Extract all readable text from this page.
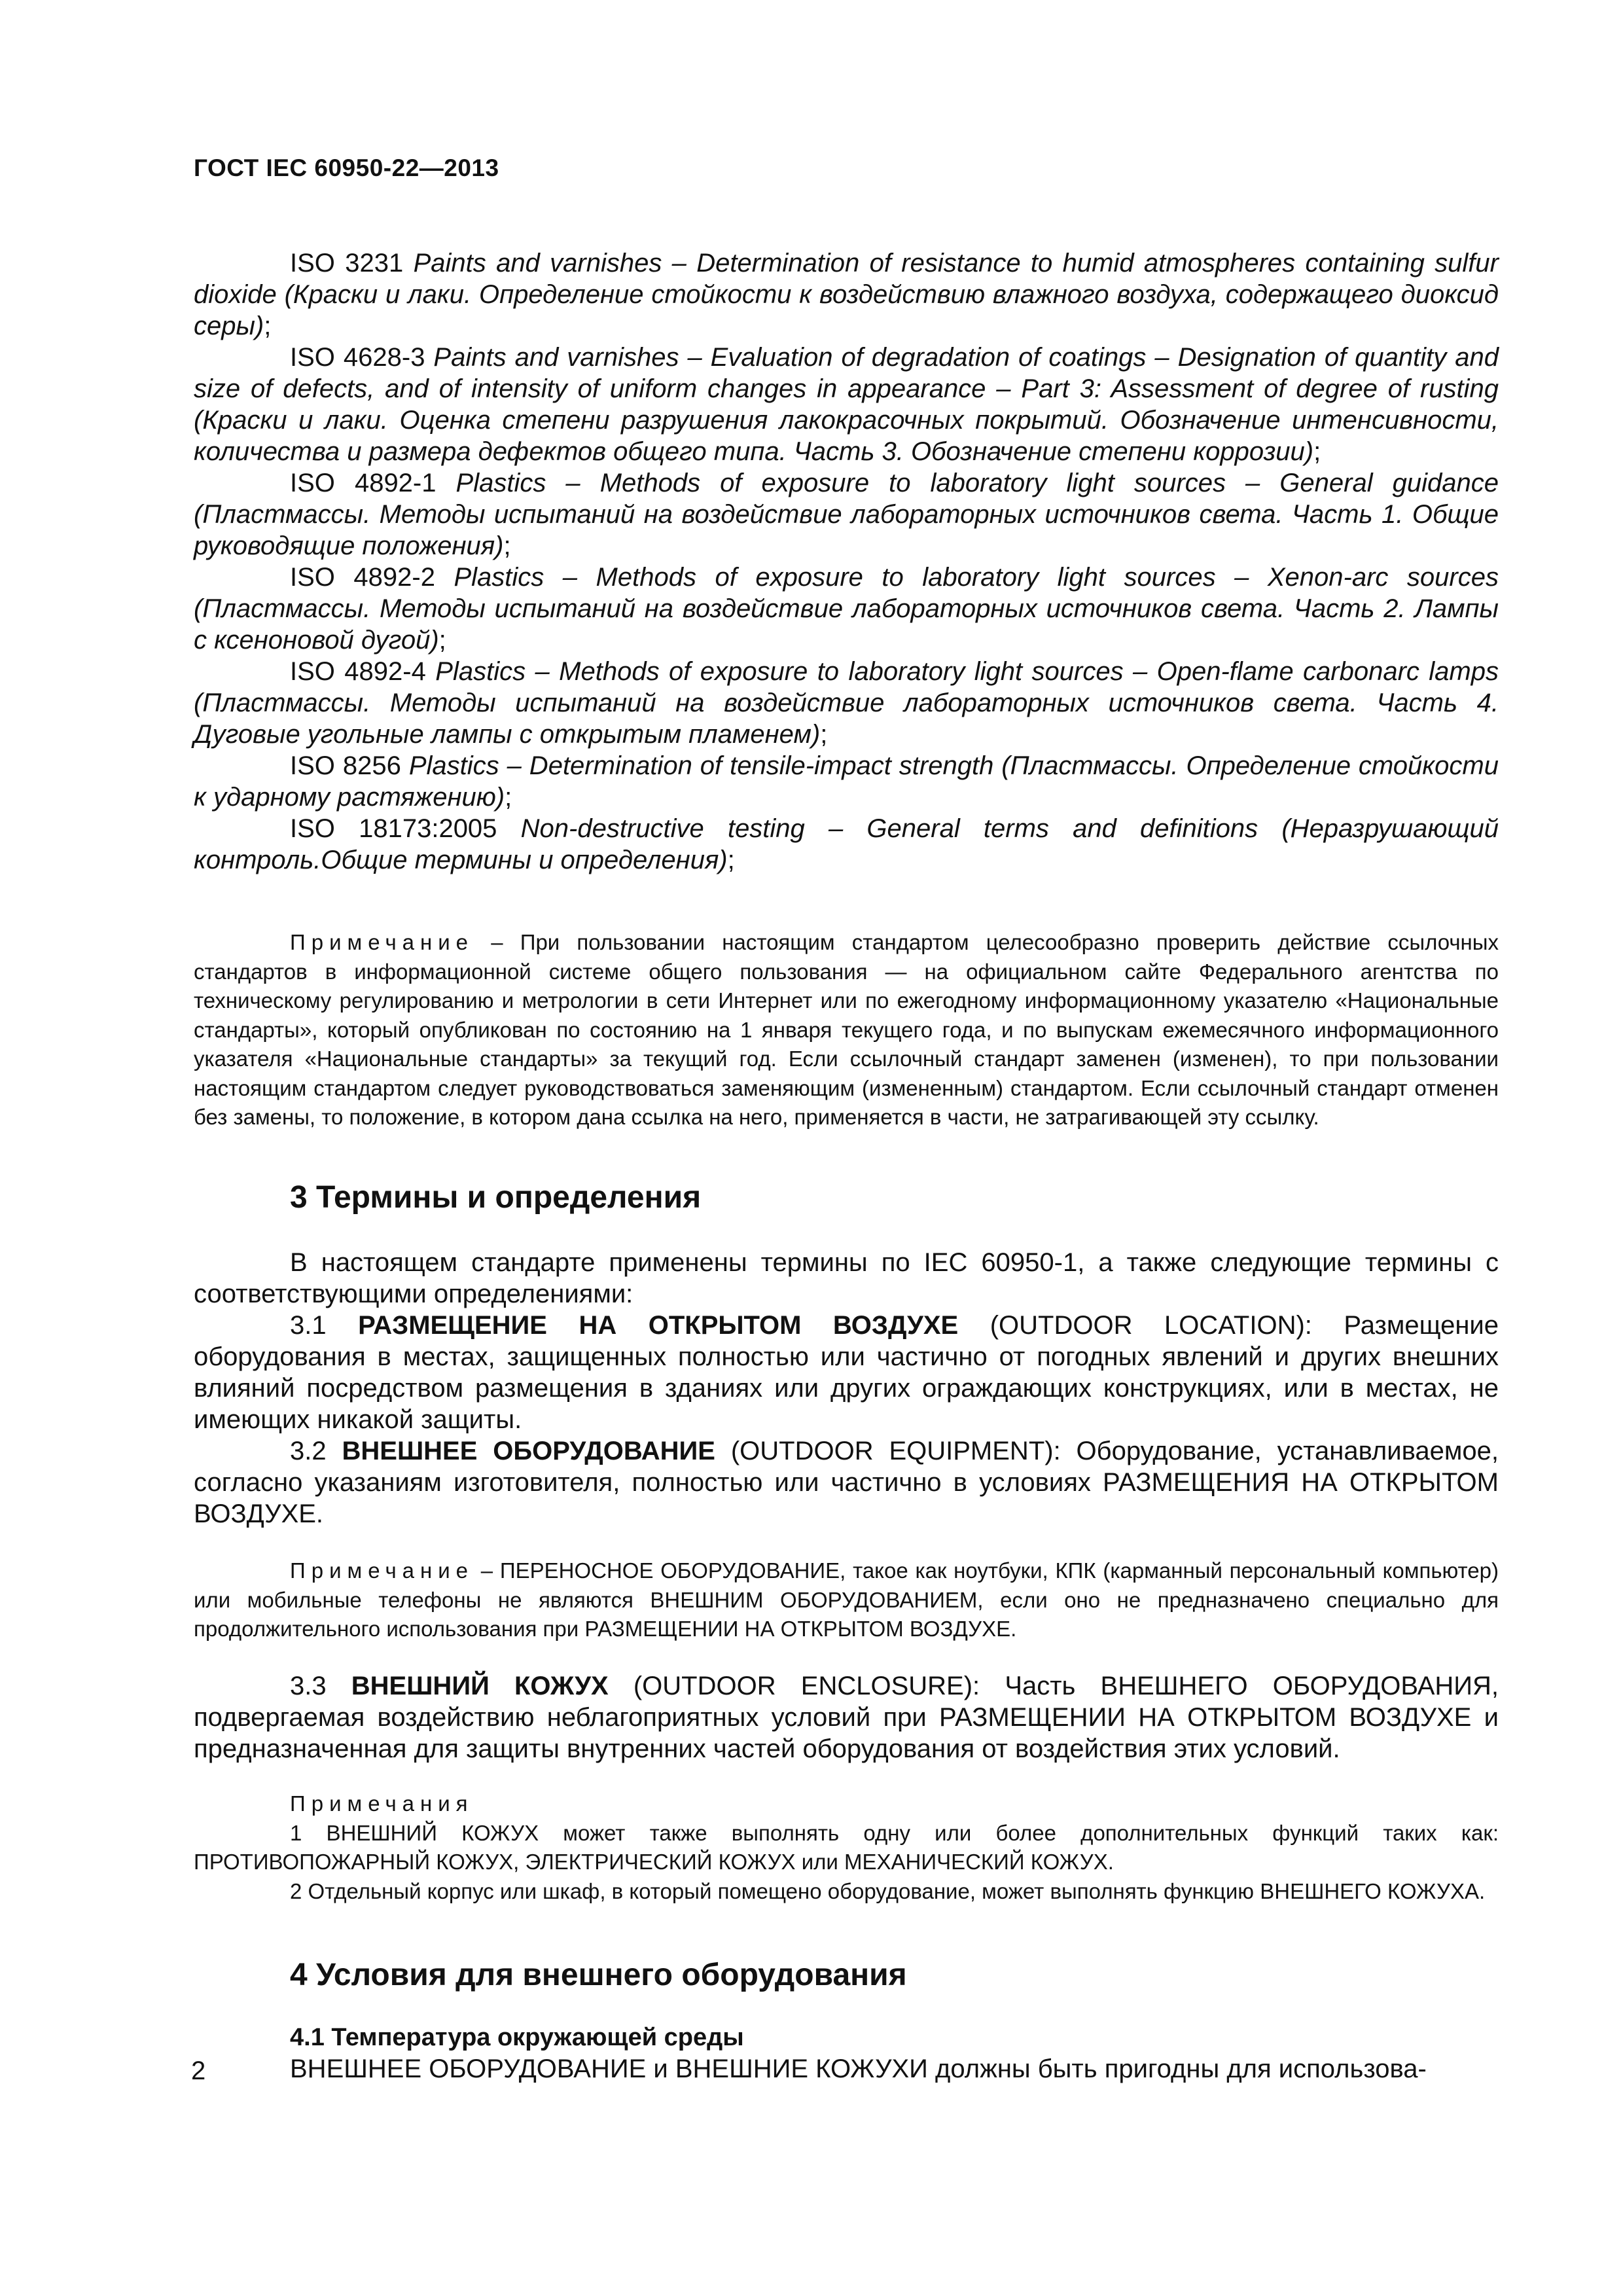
ГОСТ IEC 60950-22—2013

ISO 3231 Paints and varnishes – Determination of resistance to humid atmospheres containing sulfur dioxide (Краски и лаки. Определение стойкости к воздействию влажного воздуха, содержащего диоксид серы);

ISO 4628-3 Paints and varnishes – Evaluation of degradation of coatings – Designation of quantity and size of defects, and of intensity of uniform changes in appearance – Part 3: Assessment of degree of rusting (Краски и лаки. Оценка степени разрушения лакокрасочных покрытий. Обозначение интенсивности, количества и размера дефектов общего типа. Часть 3. Обозначение степени коррозии);

ISO 4892-1 Plastics – Methods of exposure to laboratory light sources – General guidance (Пластмассы. Методы испытаний на воздействие лабораторных источников света. Часть 1. Общие руководящие положения);

ISO 4892-2 Plastics – Methods of exposure to laboratory light sources – Xenon-arc sources (Пластмассы. Методы испытаний на воздействие лабораторных источников света. Часть 2. Лампы с ксеноновой дугой);

ISO 4892-4 Plastics – Methods of exposure to laboratory light sources – Open-flame carbonarc lamps (Пластмассы. Методы испытаний на воздействие лабораторных источников света. Часть 4. Дуговые угольные лампы с открытым пламенем);

ISO 8256 Plastics – Determination of tensile-impact strength (Пластмассы. Определение стойкости к ударному растяжению);

ISO 18173:2005 Non-destructive testing – General terms and definitions (Неразрушающий контроль.Общие термины и определения);

Примечание – При пользовании настоящим стандартом целесообразно проверить действие ссылочных стандартов в информационной системе общего пользования — на официальном сайте Федерального агентства по техническому регулированию и метрологии в сети Интернет или по ежегодному информационному указателю «Национальные стандарты», который опубликован по состоянию на 1 января текущего года, и по выпускам ежемесячного информационного указателя «Национальные стандарты» за текущий год. Если ссылочный стандарт заменен (изменен), то при пользовании настоящим стандартом следует руководствоваться заменяющим (измененным) стандартом. Если ссылочный стандарт отменен без замены, то положение, в котором дана ссылка на него, применяется в части, не затрагивающей эту ссылку.

3 Термины и определения

В настоящем стандарте применены термины по IEC 60950-1, а также следующие термины с соответствующими определениями:

3.1 РАЗМЕЩЕНИЕ НА ОТКРЫТОМ ВОЗДУХЕ (OUTDOOR LOCATION): Размещение оборудования в местах, защищенных полностью или частично от погодных явлений и других внешних влияний посредством размещения в зданиях или других ограждающих конструкциях, или в местах, не имеющих никакой защиты.

3.2 ВНЕШНЕЕ ОБОРУДОВАНИЕ (OUTDOOR EQUIPMENT): Оборудование, устанавливаемое, согласно указаниям изготовителя, полностью или частично в условиях РАЗМЕЩЕНИЯ НА ОТКРЫТОМ ВОЗДУХЕ.

Примечание – ПЕРЕНОСНОЕ ОБОРУДОВАНИЕ, такое как ноутбуки, КПК (карманный персональный компьютер) или мобильные телефоны не являются ВНЕШНИМ ОБОРУДОВАНИЕМ, если оно не предназначено специально для продолжительного использования при РАЗМЕЩЕНИИ НА ОТКРЫТОМ ВОЗДУХЕ.

3.3 ВНЕШНИЙ КОЖУХ (OUTDOOR ENCLOSURE): Часть ВНЕШНЕГО ОБОРУДОВАНИЯ, подвергаемая воздействию неблагоприятных условий при РАЗМЕЩЕНИИ НА ОТКРЫТОМ ВОЗДУХЕ и предназначенная для защиты внутренних частей оборудования от воздействия этих условий.

Примечания

1 ВНЕШНИЙ КОЖУХ может также выполнять одну или более дополнительных функций таких как: ПРОТИВОПОЖАРНЫЙ КОЖУХ, ЭЛЕКТРИЧЕСКИЙ КОЖУХ или МЕХАНИЧЕСКИЙ КОЖУХ.

2 Отдельный корпус или шкаф, в который помещено оборудование, может выполнять функцию ВНЕШНЕГО КОЖУХА.

4 Условия для внешнего оборудования
4.1 Температура окружающей среды

ВНЕШНЕЕ ОБОРУДОВАНИЕ и ВНЕШНИЕ КОЖУХИ должны быть пригодны для использова-

2
